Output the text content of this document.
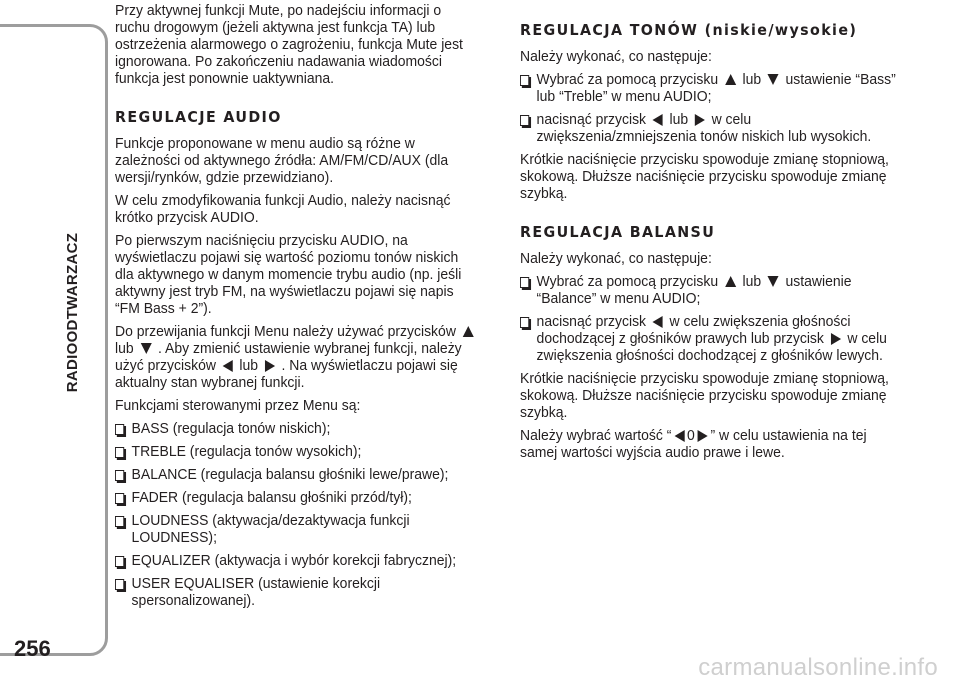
RADIOODTWARZACZ
256

Przy aktywnej funkcji Mute, po nadejściu informacji o ruchu drogowym (jeżeli aktywna jest funkcja TA) lub ostrzeżenia alarmowego o zagrożeniu, funkcja Mute jest ignorowana. Po zakończeniu nadawania wiadomości funkcja jest ponownie uaktywniana.

REGULACJE AUDIO

Funkcje proponowane w menu audio są różne w zależności od aktywnego źródła: AM/FM/CD/AUX (dla wersji/rynków, gdzie przewidziano).

W celu zmodyfikowania funkcji Audio, należy nacisnąć krótko przycisk AUDIO.

Po pierwszym naciśnięciu przycisku AUDIO, na wyświetlaczu pojawi się wartość poziomu tonów niskich dla aktywnego w danym momencie trybu audio (np. jeśli aktywny jest tryb FM, na wyświetlaczu pojawi się napis “FM Bass + 2”).

Do przewijania funkcji Menu należy używać przycisków  lub . Aby zmienić ustawienie wybranej funkcji, należy użyć przycisków lub . Na wyświetlaczu pojawi się aktualny stan wybranej funkcji.

Funkcjami sterowanymi przez Menu są:

BASS (regulacja tonów niskich);
TREBLE (regulacja tonów wysokich);
BALANCE (regulacja balansu głośniki lewe/prawe);
FADER (regulacja balansu głośniki przód/tył);
LOUDNESS (aktywacja/dezaktywacja funkcji LOUDNESS);
EQUALIZER (aktywacja i wybór korekcji fabrycznej);
USER EQUALISER (ustawienie korekcji spersonalizowanej).
REGULACJA TONÓW (niskie/wysokie)

Należy wykonać, co następuje:

Wybrać za pomocą przycisku lub ustawienie “Bass” lub “Treble” w menu AUDIO;
nacisnąć przycisk lub w celu zwiększenia/zmniejszenia tonów niskich lub wysokich.

Krótkie naciśnięcie przycisku spowoduje zmianę stopniową, skokową. Dłuższe naciśnięcie przycisku spowoduje zmianę szybką.

REGULACJA BALANSU

Należy wykonać, co następuje:

Wybrać za pomocą przycisku lub ustawienie “Balance” w menu AUDIO;
nacisnąć przycisk w celu zwiększenia głośności dochodzącej z głośników prawych lub przycisk w celu zwiększenia głośności dochodzącej z głośników lewych.

Krótkie naciśnięcie przycisku spowoduje zmianę stopniową, skokową. Dłuższe naciśnięcie przycisku spowoduje zmianę szybką.

Należy wybrać wartość “ 0 ” w celu ustawienia na tej samej wartości wyjścia audio prawe i lewe.

carmanualsonline.info
